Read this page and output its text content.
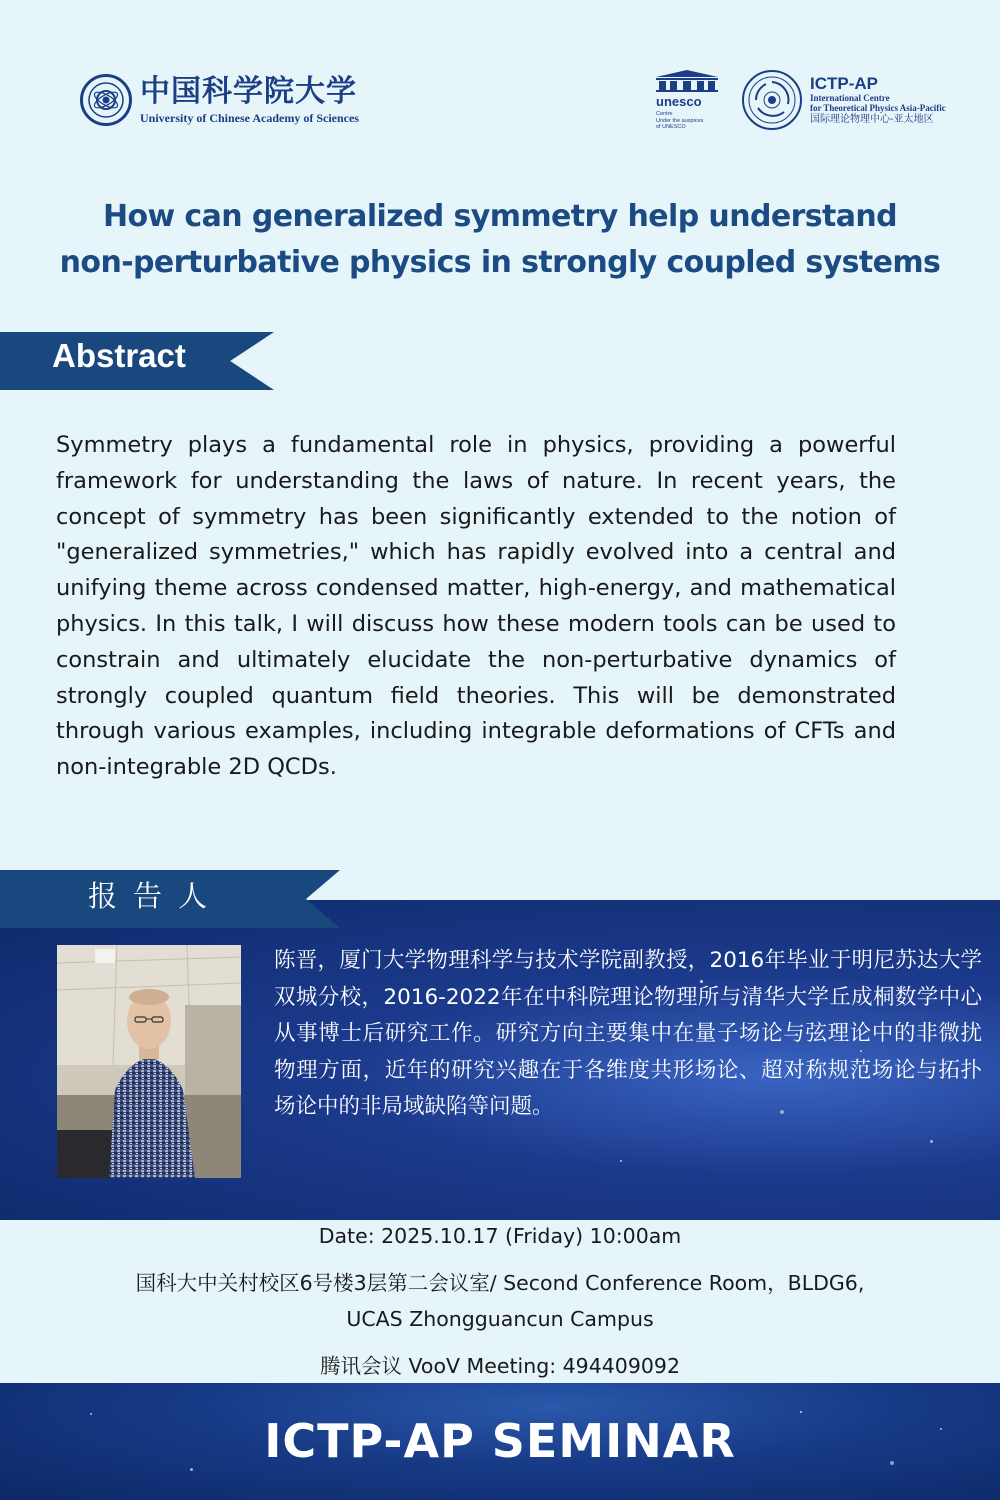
中国科学院大学
University of Chinese Academy of Sciences
unesco
Centre
Under the auspices
of UNESCO
ICTP-AP
International Centre
for Theoretical Physics Asia-Pacific
国际理论物理中心-亚太地区
How can generalized symmetry help understand
non-perturbative physics in strongly coupled systems
Abstract

Symmetry plays a fundamental role in physics, providing a powerful framework for understanding the laws of nature. In recent years, the concept of symmetry has been significantly extended to the notion of "generalized symmetries," which has rapidly evolved into a central and unifying theme across condensed matter, high-energy, and mathematical physics. In this talk, I will discuss how these modern tools can be used to constrain and ultimately elucidate the non-perturbative dynamics of strongly coupled quantum field theories. This will be demonstrated through various examples, including integrable deformations of CFTs and non-integrable 2D QCDs.

报告人

陈晋，厦门大学物理科学与技术学院副教授，2016年毕业于明尼苏达大学双城分校，2016-2022年在中科院理论物理所与清华大学丘成桐数学中心从事博士后研究工作。研究方向主要集中在量子场论与弦理论中的非微扰物理方面，近年的研究兴趣在于各维度共形场论、超对称规范场论与拓扑场论中的非局域缺陷等问题。

Date: 2025.10.17 (Friday) 10:00am
国科大中关村校区6号楼3层第二会议室/ Second Conference Room，BLDG6,
UCAS Zhongguancun Campus
腾讯会议 VooV Meeting: 494409092
ICTP-AP SEMINAR
